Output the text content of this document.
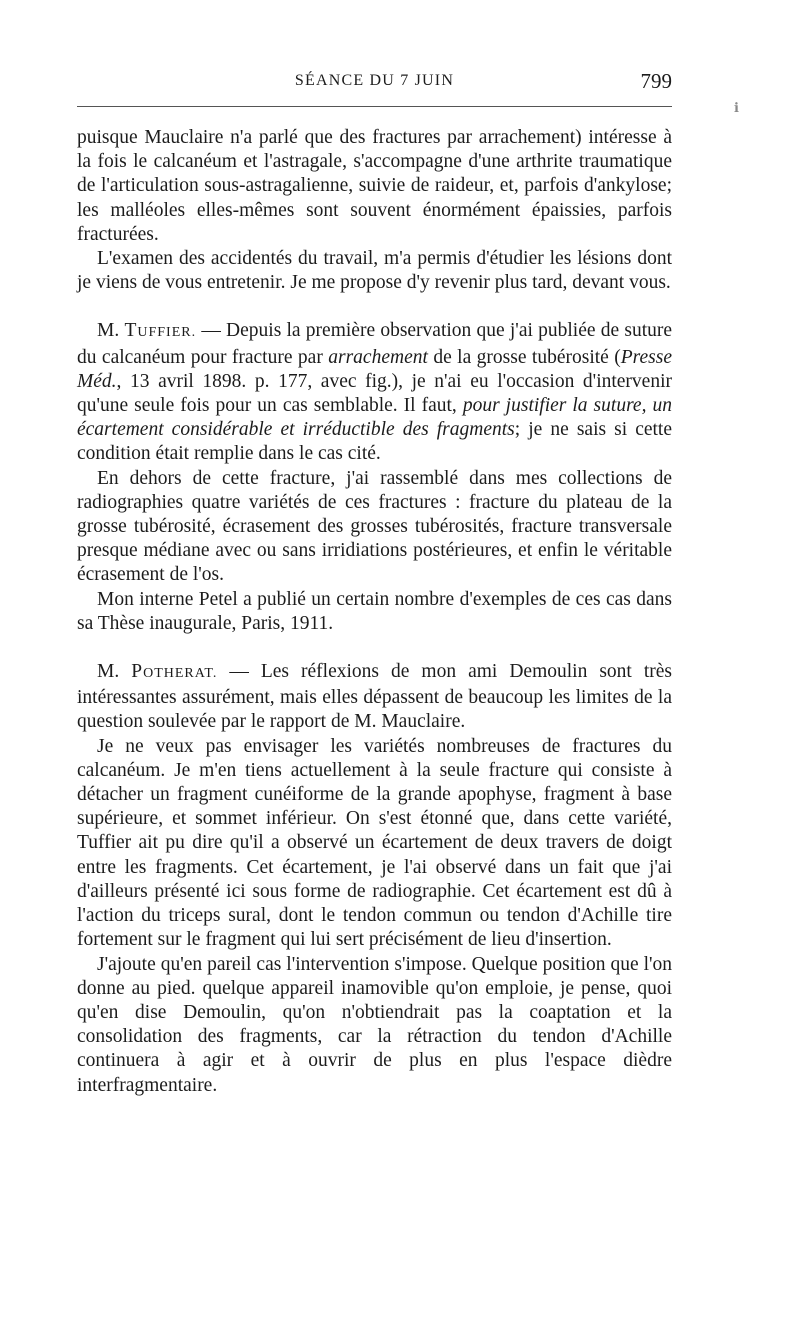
SÉANCE DU 7 JUIN	799
ℹ

puisque Mauclaire n'a parlé que des fractures par arrachement) intéresse à la fois le calcanéum et l'astragale, s'accompagne d'une arthrite traumatique de l'articulation sous-astragalienne, suivie de raideur, et, parfois d'ankylose; les malléoles elles-mêmes sont souvent énormément épaissies, parfois fracturées.

L'examen des accidentés du travail, m'a permis d'étudier les lésions dont je viens de vous entretenir. Je me propose d'y revenir plus tard, devant vous.

M. TUFFIER. — Depuis la première observation que j'ai publiée de suture du calcanéum pour fracture par arrachement de la grosse tubérosité (Presse Méd., 13 avril 1898. p. 177, avec fig.), je n'ai eu l'occasion d'intervenir qu'une seule fois pour un cas semblable. Il faut, pour justifier la suture, un écartement considérable et irréductible des fragments; je ne sais si cette condition était remplie dans le cas cité.

En dehors de cette fracture, j'ai rassemblé dans mes collections de radiographies quatre variétés de ces fractures : fracture du plateau de la grosse tubérosité, écrasement des grosses tubérosités, fracture transversale presque médiane avec ou sans irridiations postérieures, et enfin le véritable écrasement de l'os.

Mon interne Petel a publié un certain nombre d'exemples de ces cas dans sa Thèse inaugurale, Paris, 1911.

M. POTHERAT. — Les réflexions de mon ami Demoulin sont très intéressantes assurément, mais elles dépassent de beaucoup les limites de la question soulevée par le rapport de M. Mauclaire.

Je ne veux pas envisager les variétés nombreuses de fractures du calcanéum. Je m'en tiens actuellement à la seule fracture qui consiste à détacher un fragment cunéiforme de la grande apophyse, fragment à base supérieure, et sommet inférieur. On s'est étonné que, dans cette variété, Tuffier ait pu dire qu'il a observé un écartement de deux travers de doigt entre les fragments. Cet écartement, je l'ai observé dans un fait que j'ai d'ailleurs présenté ici sous forme de radiographie. Cet écartement est dû à l'action du triceps sural, dont le tendon commun ou tendon d'Achille tire fortement sur le fragment qui lui sert précisément de lieu d'insertion.

J'ajoute qu'en pareil cas l'intervention s'impose. Quelque position que l'on donne au pied. quelque appareil inamovible qu'on emploie, je pense, quoi qu'en dise Demoulin, qu'on n'obtiendrait pas la coaptation et la consolidation des fragments, car la rétraction du tendon d'Achille continuera à agir et à ouvrir de plus en plus l'espace dièdre interfragmentaire.
